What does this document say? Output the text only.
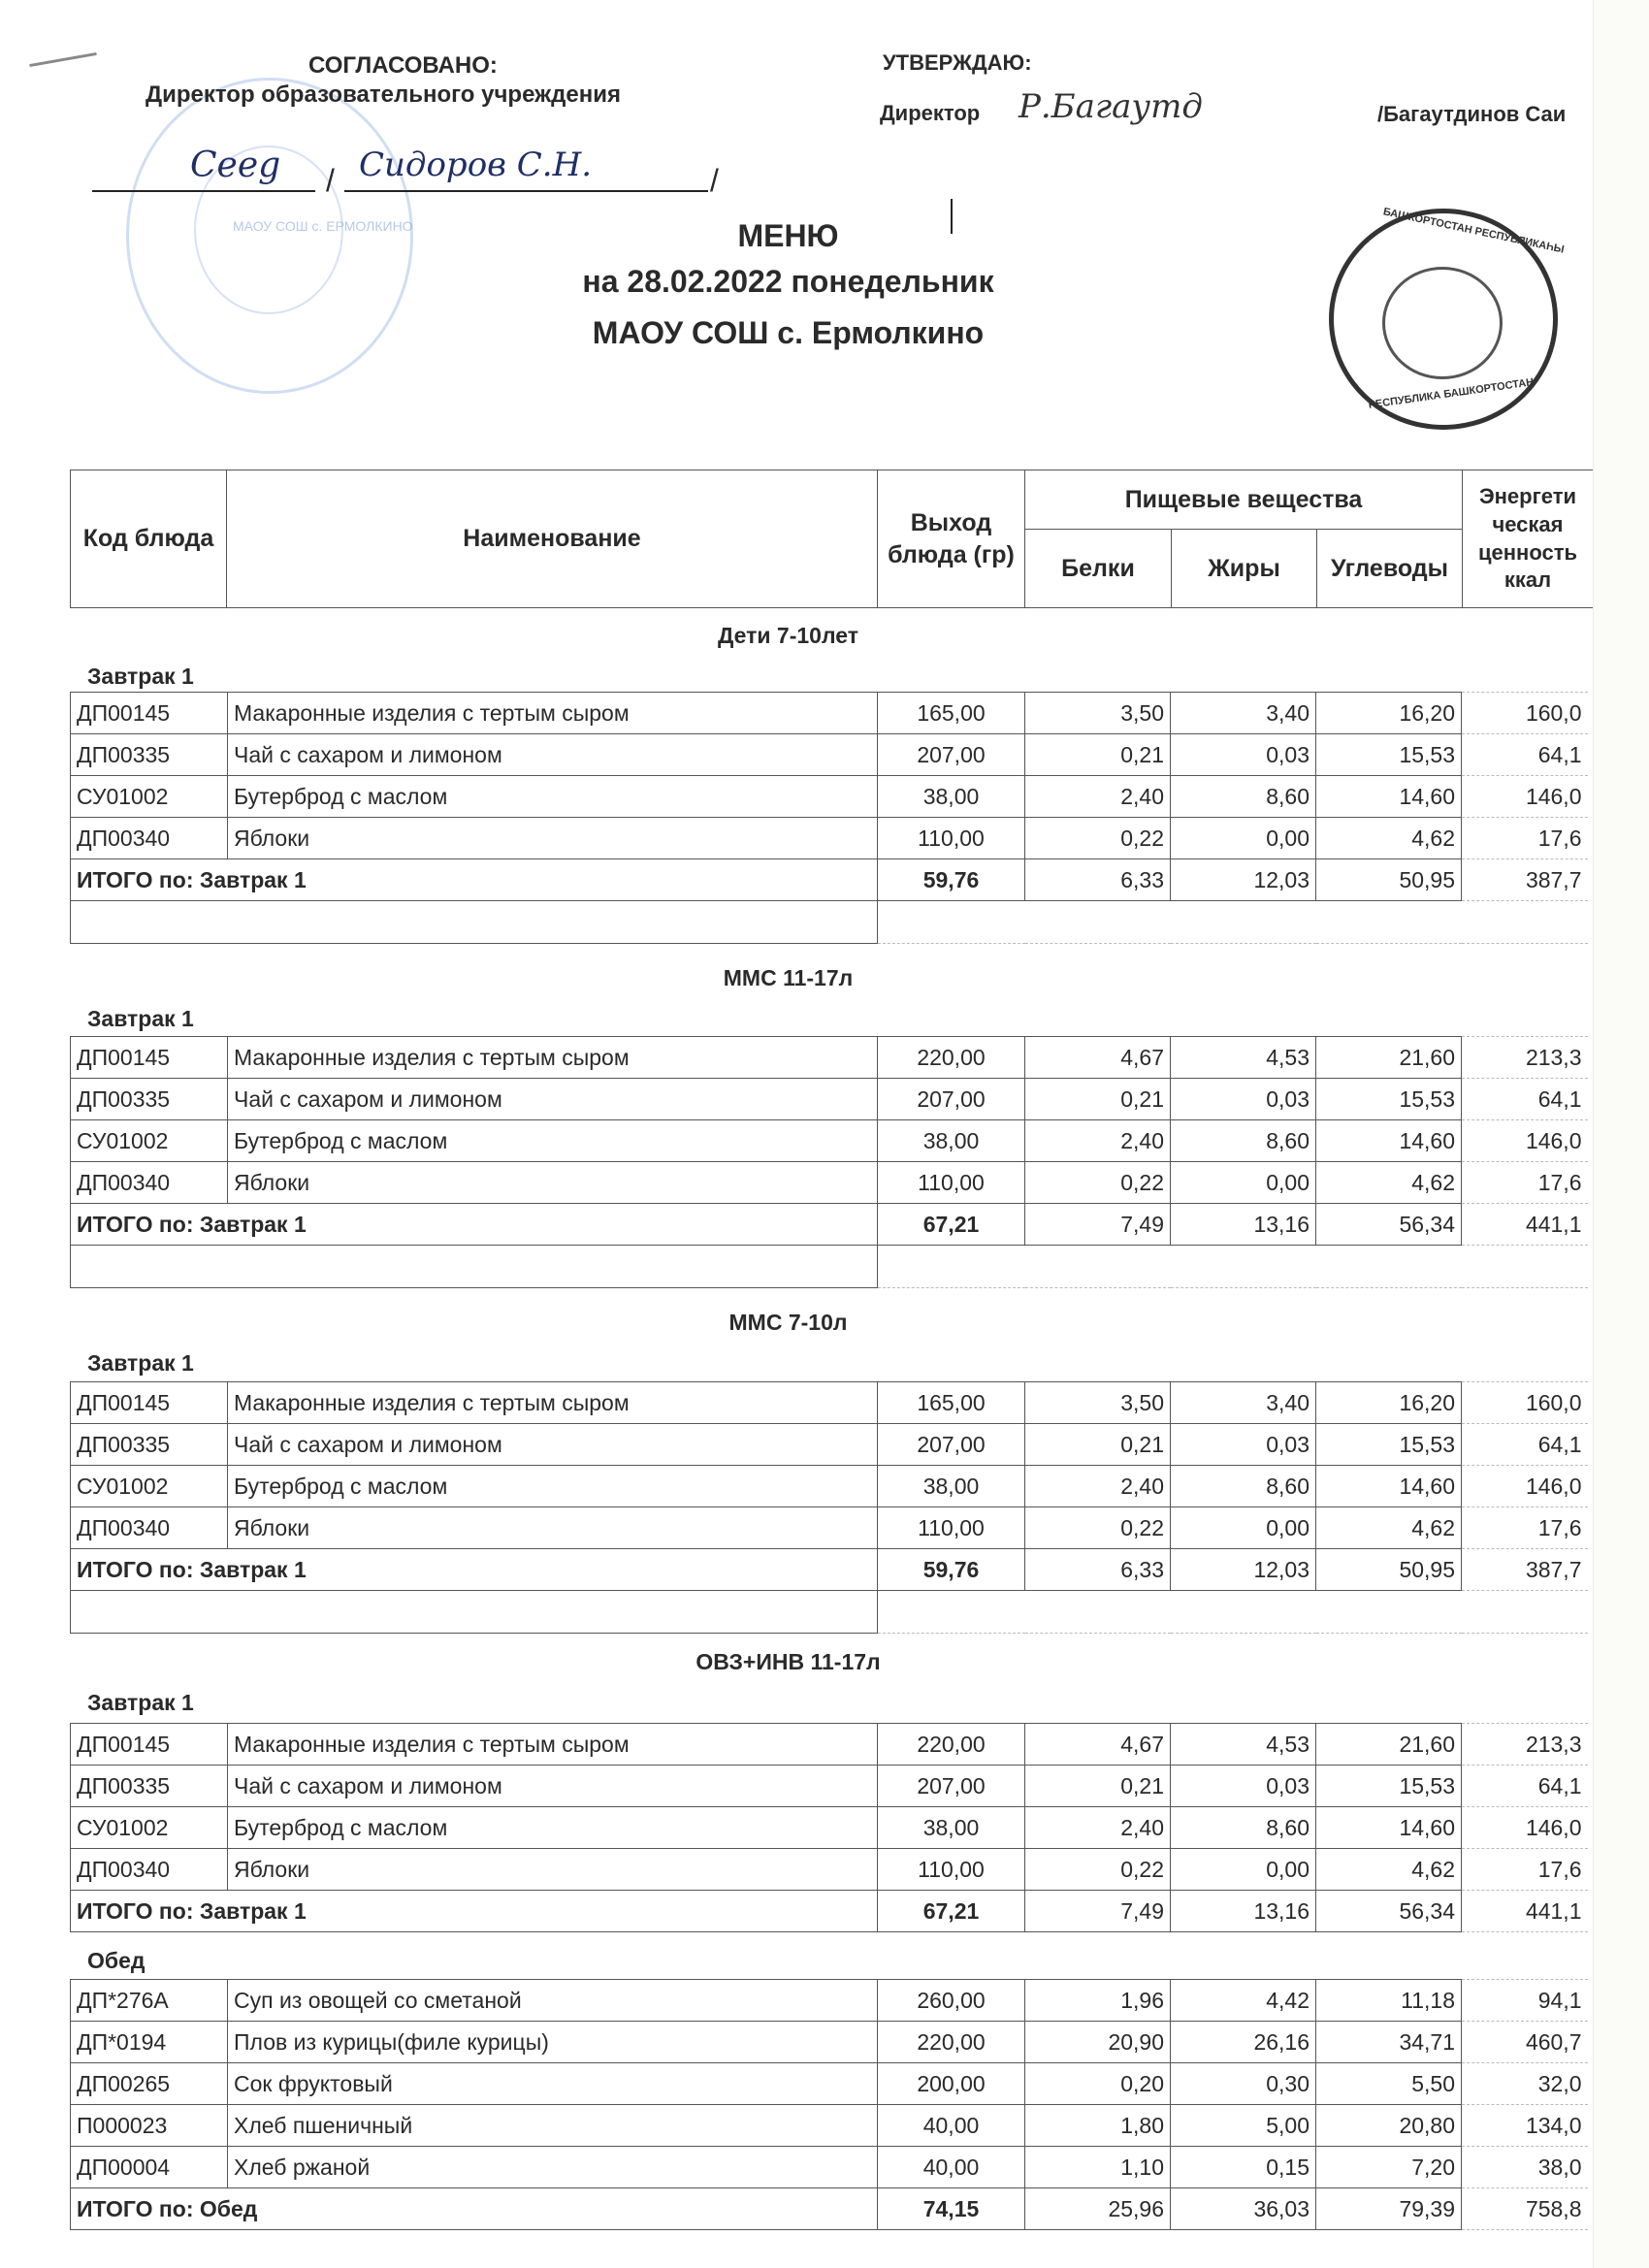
МАОУ СОШ с. ЕРМОЛКИНО	БАШКОРТОСТАН РЕСПУБЛИКАҺЫ
РЕСПУБЛИКА БАШКОРТОСТАН
СОГЛАСОВАНО:
Директор образовательного учреждения
/	/
Ceeg Сидоров С.Н.
УТВЕРЖДАЮ:
Директор Р.Багаутд	/Багаутдинов Саи
МЕНЮ
на 28.02.2022 понедельник
МАОУ СОШ с. Ермолкино
Код блюда	Наименование
Выход блюда (гр)
Пищевые вещества
Белки	Жиры	Углеводы
Энергети ческая ценность ккал
Дети 7-10лет
Завтрак 1
ДП00145	Макаронные изделия с тертым сыром	165,00	3,50	3,40	16,20	160,0
ДП00335	Чай с сахаром и лимоном	207,00	0,21	0,03	15,53	64,1
СУ01002	Бутерброд с маслом	38,00	2,40	8,60	14,60	146,0
ДП00340	Яблоки	110,00	0,22	0,00	4,62	17,6
ИТОГО по: Завтрак 1		59,76	6,33	12,03	50,95	387,7

ММС 11-17л
Завтрак 1
ДП00145	Макаронные изделия с тертым сыром	220,00	4,67	4,53	21,60	213,3
ДП00335	Чай с сахаром и лимоном	207,00	0,21	0,03	15,53	64,1
СУ01002	Бутерброд с маслом	38,00	2,40	8,60	14,60	146,0
ДП00340	Яблоки	110,00	0,22	0,00	4,62	17,6
ИТОГО по: Завтрак 1		67,21	7,49	13,16	56,34	441,1

ММС 7-10л
Завтрак 1
ДП00145	Макаронные изделия с тертым сыром	165,00	3,50	3,40	16,20	160,0
ДП00335	Чай с сахаром и лимоном	207,00	0,21	0,03	15,53	64,1
СУ01002	Бутерброд с маслом	38,00	2,40	8,60	14,60	146,0
ДП00340	Яблоки	110,00	0,22	0,00	4,62	17,6
ИТОГО по: Завтрак 1		59,76	6,33	12,03	50,95	387,7

ОВЗ+ИНВ 11-17л
Завтрак 1
ДП00145	Макаронные изделия с тертым сыром	220,00	4,67	4,53	21,60	213,3
ДП00335	Чай с сахаром и лимоном	207,00	0,21	0,03	15,53	64,1
СУ01002	Бутерброд с маслом	38,00	2,40	8,60	14,60	146,0
ДП00340	Яблоки	110,00	0,22	0,00	4,62	17,6
ИТОГО по: Завтрак 1		67,21	7,49	13,16	56,34	441,1
Обед
ДП*276А	Суп из овощей со сметаной	260,00	1,96	4,42	11,18	94,1
ДП*0194	Плов из курицы(филе курицы)	220,00	20,90	26,16	34,71	460,7
ДП00265	Сок фруктовый	200,00	0,20	0,30	5,50	32,0
П000023	Хлеб пшеничный	40,00	1,80	5,00	20,80	134,0
ДП00004	Хлеб ржаной	40,00	1,10	0,15	7,20	38,0
ИТОГО по: Обед		74,15	25,96	36,03	79,39	758,8
